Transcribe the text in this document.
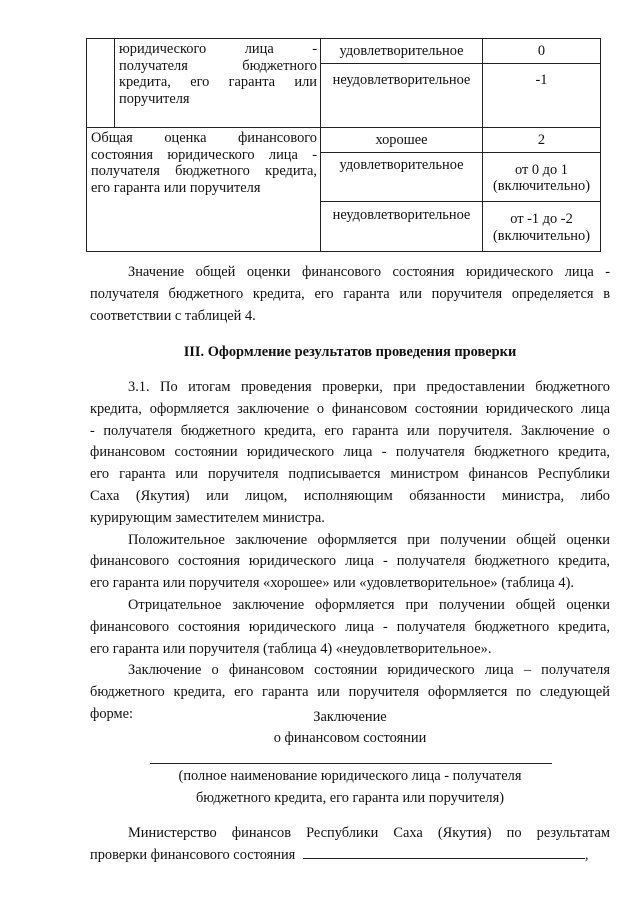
	юридического лица -
получателя бюджетного
кредита, его гаранта или
поручителя	удовлетворительное	0

		неудовлетворительное	-1

Общая оценка финансового
состояния юридического лица -
получателя бюджетного кредита,
его гаранта или поручителя		хорошее	2

		удовлетворительное	от 0 до 1
(включительно)

		неудовлетворительное	от -1 до -2
(включительно)
Значение общей оценки финансового состояния юридического лица -
получателя бюджетного кредита, его гаранта или поручителя определяется в
соответствии с таблицей 4.
III. Оформление результатов проведения проверки
3.1. По итогам проведения проверки, при предоставлении бюджетного
кредита, оформляется заключение о финансовом состоянии юридического лица
- получателя бюджетного кредита, его гаранта или поручителя. Заключение о
финансовом состоянии юридического лица - получателя бюджетного кредита,
его гаранта или поручителя подписывается министром финансов Республики
Саха (Якутия) или лицом, исполняющим обязанности министра, либо
курирующим заместителем министра.
Положительное заключение оформляется при получении общей оценки
финансового состояния юридического лица - получателя бюджетного кредита,
его гаранта или поручителя «хорошее» или «удовлетворительное» (таблица 4).
Отрицательное заключение оформляется при получении общей оценки
финансового состояния юридического лица - получателя бюджетного кредита,
его гаранта или поручителя (таблица 4) «неудовлетворительное».
Заключение о финансовом состоянии юридического лица – получателя
бюджетного кредита, его гаранта или поручителя оформляется по следующей
форме:	Заключение
о финансовом состоянии
(полное наименование юридического лица - получателя
бюджетного кредита, его гаранта или поручителя)
Министерство финансов Республики Саха (Якутия) по результатам
проверки финансового состояния	,
